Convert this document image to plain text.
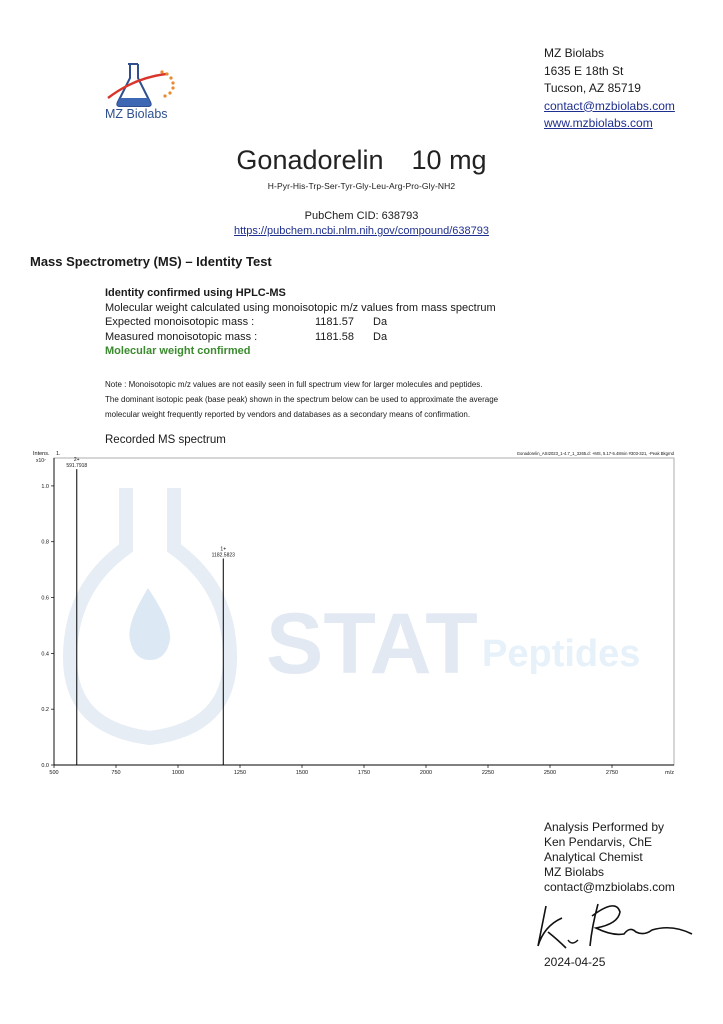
MZ Biolabs
MZ Biolabs
1635 E 18th St
Tucson, AZ 85719
contact@mzbiolabs.com
www.mzbiolabs.com
Gonadorelin 10 mg
H-Pyr-His-Trp-Ser-Tyr-Gly-Leu-Arg-Pro-Gly-NH2
PubChem CID: 638793
https://pubchem.ncbi.nlm.nih.gov/compound/638793
Mass Spectrometry (MS) – Identity Test
Identity confirmed using HPLC-MS
Molecular weight calculated using monoisotopic m/z values from mass spectrum
Expected monoisotopic mass :	1181.57 Da
Measured monoisotopic mass :	1181.58 Da
Molecular weight confirmed
Note : Monoisotopic m/z values are not easily seen in full spectrum view for larger molecules and peptides.
The dominant isotopic peak (base peak) shown in the spectrum below can be used to approximate the average
molecular weight frequently reported by vendors and databases as a secondary means of confirmation.
Recorded MS spectrum
STAT Peptides
Intens.
x10⁷
1.	Gonadorelin_ASI2023_1-4.7_1_3265.d: +MS, 5.17-5.48min #303-321, -Peak Bkgrnd
0.0
0.2
0.4
0.6
0.8
1.0
500	750	1000	1250	1500	1750	2000	2250	2500	2750	m/z
2+
591.7918
1+
1182.5823
Analysis Performed by
Ken Pendarvis, ChE
Analytical Chemist
MZ Biolabs
contact@mzbiolabs.com
2024-04-25
